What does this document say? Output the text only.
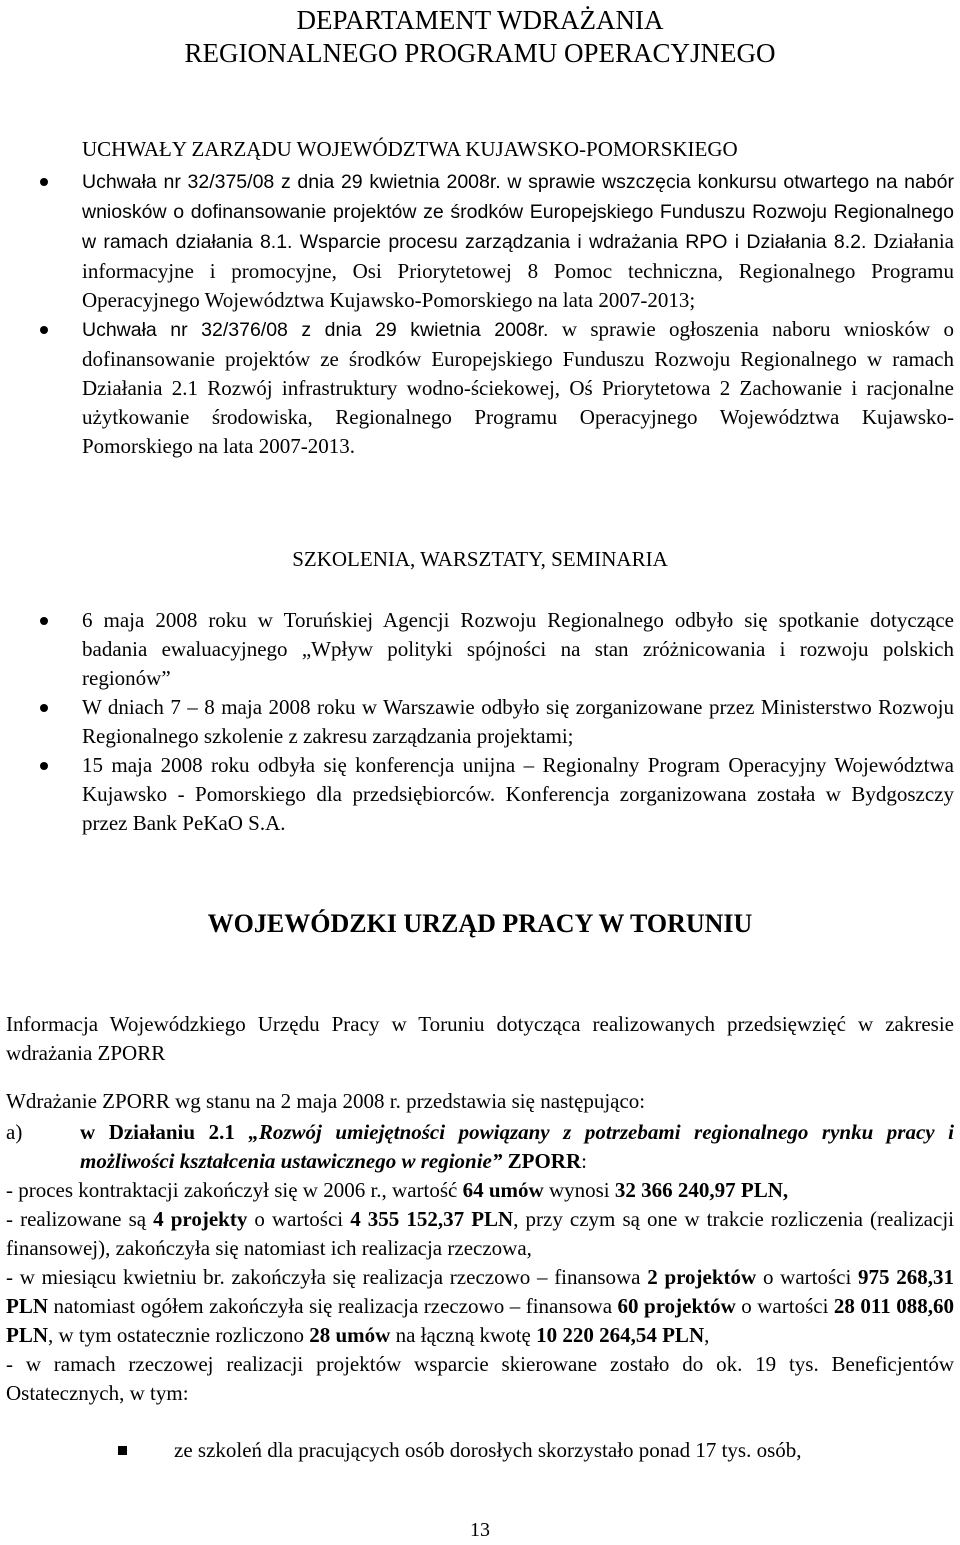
DEPARTAMENT WDRAŻANIA
REGIONALNEGO PROGRAMU OPERACYJNEGO
UCHWAŁY ZARZĄDU WOJEWÓDZTWA KUJAWSKO-POMORSKIEGO
Uchwała nr 32/375/08 z dnia 29 kwietnia 2008r. w sprawie wszczęcia konkursu otwartego na nabór wniosków o dofinansowanie projektów ze środków Europejskiego Funduszu Rozwoju Regionalnego w ramach działania 8.1. Wsparcie procesu zarządzania i wdrażania RPO i Działania 8.2. Działania informacyjne i promocyjne, Osi Priorytetowej 8 Pomoc techniczna, Regionalnego Programu Operacyjnego Województwa Kujawsko-Pomorskiego na lata 2007-2013;
Uchwała nr 32/376/08 z dnia 29 kwietnia 2008r. w sprawie ogłoszenia naboru wniosków o dofinansowanie projektów ze środków Europejskiego Funduszu Rozwoju Regionalnego w ramach Działania 2.1 Rozwój infrastruktury wodno-ściekowej, Oś Priorytetowa 2 Zachowanie i racjonalne użytkowanie środowiska, Regionalnego Programu Operacyjnego Województwa Kujawsko-Pomorskiego na lata 2007-2013.
SZKOLENIA, WARSZTATY, SEMINARIA
6 maja 2008 roku w Toruńskiej Agencji Rozwoju Regionalnego odbyło się spotkanie dotyczące badania ewaluacyjnego „Wpływ polityki spójności na stan zróżnicowania i rozwoju polskich regionów”
W dniach 7 – 8 maja 2008 roku w Warszawie odbyło się zorganizowane przez Ministerstwo Rozwoju Regionalnego szkolenie z zakresu zarządzania projektami;
15 maja 2008 roku odbyła się konferencja unijna – Regionalny Program Operacyjny Województwa Kujawsko - Pomorskiego dla przedsiębiorców. Konferencja zorganizowana została w Bydgoszczy przez Bank PeKaO S.A.
WOJEWÓDZKI URZĄD PRACY W TORUNIU
Informacja Wojewódzkiego Urzędu Pracy w Toruniu dotycząca realizowanych przedsięwzięć w zakresie wdrażania ZPORR
Wdrażanie ZPORR wg stanu na 2 maja 2008 r. przedstawia się następująco:
a)	w Działaniu 2.1 „Rozwój umiejętności powiązany z potrzebami regionalnego rynku pracy i możliwości kształcenia ustawicznego w regionie” ZPORR:

- proces kontraktacji zakończył się w 2006 r., wartość 64 umów wynosi 32 366 240,97 PLN,

- realizowane są 4 projekty o wartości 4 355 152,37 PLN, przy czym są one w trakcie rozliczenia (realizacji finansowej), zakończyła się natomiast ich realizacja rzeczowa,

- w miesiącu kwietniu br. zakończyła się realizacja rzeczowo – finansowa 2 projektów o wartości 975 268,31 PLN natomiast ogółem zakończyła się realizacja rzeczowo – finansowa 60 projektów o wartości 28 011 088,60 PLN, w tym ostatecznie rozliczono 28 umów na łączną kwotę 10 220 264,54 PLN,

- w ramach rzeczowej realizacji projektów wsparcie skierowane zostało do ok. 19 tys. Beneficjentów Ostatecznych, w tym:

ze szkoleń dla pracujących osób dorosłych skorzystało ponad 17 tys. osób,
13
